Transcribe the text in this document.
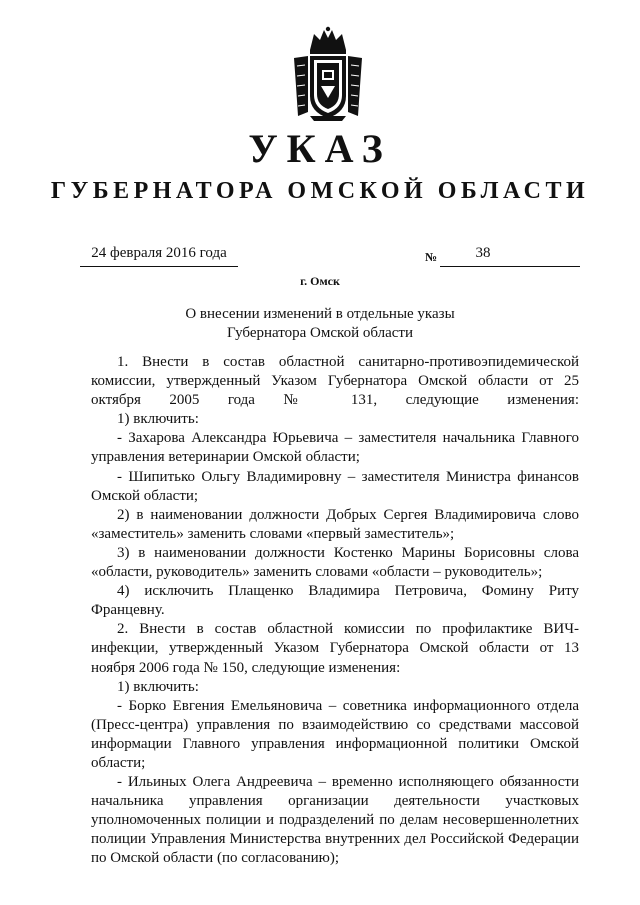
УКАЗ
ГУБЕРНАТОРА ОМСКОЙ ОБЛАСТИ
24 февраля 2016 года	№	38
г. Омск
О внесении изменений в отдельные указы
Губернатора Омской области

1. Внести в состав областной санитарно-противоэпидемической комиссии, утвержденный Указом Губернатора Омской области от 25 октября 2005 года № 131, следующие изменения:

1) включить:

- Захарова Александра Юрьевича – заместителя начальника Главного управления ветеринарии Омской области;

- Шипитько Ольгу Владимировну – заместителя Министра финансов Омской области;

2) в наименовании должности Добрых Сергея Владимировича слово «заместитель» заменить словами «первый заместитель»;

3) в наименовании должности Костенко Марины Борисовны слова «области, руководитель» заменить словами «области – руководитель»;

4) исключить Плащенко Владимира Петровича, Фомину Риту Францевну.

2. Внести в состав областной комиссии по профилактике ВИЧ-инфекции, утвержденный Указом Губернатора Омской области от 13 ноября 2006 года № 150, следующие изменения:

1) включить:

- Борко Евгения Емельяновича – советника информационного отдела (Пресс-центра) управления по взаимодействию со средствами массовой информации Главного управления информационной политики Омской области;

- Ильиных Олега Андреевича – временно исполняющего обязанности начальника управления организации деятельности участковых уполномоченных полиции и подразделений по делам несовершеннолетних полиции Управления Министерства внутренних дел Российской Федерации по Омской области (по согласованию);
